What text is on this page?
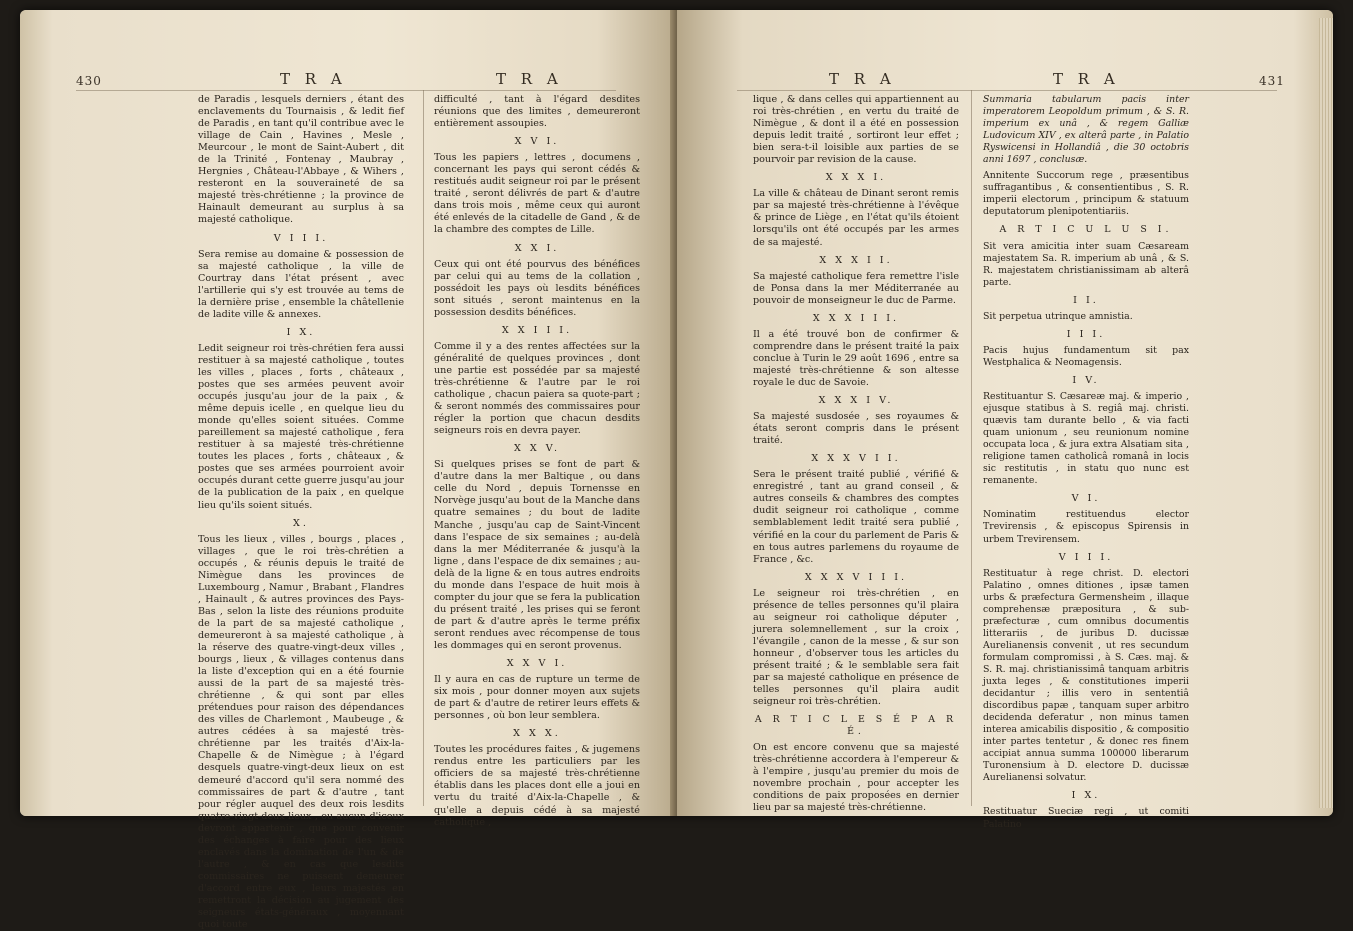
430	T R A	T R A

de Paradis , lesquels derniers , étant des enclavements du Tournaisis , & ledit fief de Paradis , en tant qu'il contribue avec le village de Cain , Havines , Mesle , Meurcour , le mont de Saint-Aubert , dit de la Trinité , Fontenay , Maubray , Hergnies , Château-l'Abbaye , & Wihers , resteront en la souveraineté de sa majesté très-chrétienne ; la province de Hainault demeurant au surplus à sa majesté catholique.

V I I I.

Sera remise au domaine & possession de sa majesté catholique , la ville de Courtray dans l'état présent , avec l'artillerie qui s'y est trouvée au tems de la dernière prise , ensemble la châtellenie de ladite ville & annexes.

I X.

Ledit seigneur roi très-chrétien fera aussi restituer à sa majesté catholique , toutes les villes , places , forts , châteaux , postes que ses armées peuvent avoir occupés jusqu'au jour de la paix , & même depuis icelle , en quelque lieu du monde qu'elles soient situées. Comme pareillement sa majesté catholique , fera restituer à sa majesté très-chrétienne toutes les places , forts , châteaux , & postes que ses armées pourroient avoir occupés durant cette guerre jusqu'au jour de la publication de la paix , en quelque lieu qu'ils soient situés.

X.

Tous les lieux , villes , bourgs , places , villages , que le roi très-chrétien a occupés , & réunis depuis le traité de Nimègue dans les provinces de Luxembourg , Namur , Brabant , Flandres , Hainault , & autres provinces des Pays-Bas , selon la liste des réunions produite de la part de sa majesté catholique , demeureront à sa majesté catholique , à la réserve des quatre-vingt-deux villes , bourgs , lieux , & villages contenus dans la liste d'exception qui en a été fournie aussi de la part de sa majesté très-chrétienne , & qui sont par elles prétendues pour raison des dépendances des villes de Charlemont , Maubeuge , & autres cédées à sa majesté très-chrétienne par les traités d'Aix-la-Chapelle & de Nimègue ; à l'égard desquels quatre-vingt-deux lieux on est demeuré d'accord qu'il sera nommé des commissaires de part & d'autre , tant pour régler auquel des deux rois lesdits quatre-vingt-deux lieux , ou aucun d'iceux devront appartenir , que pour convenir des échanges à faire pour des lieux enclavés dans la domination de l'un & de l'autre , & en cas que lesdits commissaires ne puissent demeurer d'accord entre eux , leurs majestés en remettront la décision au jugement des seigneurs états-généraux , moyennant quoi toute

difficulté , tant à l'égard desdites réunions que des limites , demeureront entièrement assoupies.

X V I.

Tous les papiers , lettres , documens , concernant les pays qui seront cédés & restitués audit seigneur roi par le présent traité , seront délivrés de part & d'autre dans trois mois , même ceux qui auront été enlevés de la citadelle de Gand , & de la chambre des comptes de Lille.

X X I.

Ceux qui ont été pourvus des bénéfices par celui qui au tems de la collation , possédoit les pays où lesdits bénéfices sont situés , seront maintenus en la possession desdits bénéfices.

X X I I I.

Comme il y a des rentes affectées sur la généralité de quelques provinces , dont une partie est possédée par sa majesté très-chrétienne & l'autre par le roi catholique , chacun paiera sa quote-part ; & seront nommés des commissaires pour régler la portion que chacun desdits seigneurs rois en devra payer.

X X V.

Si quelques prises se font de part & d'autre dans la mer Baltique , ou dans celle du Nord , depuis Tornensse en Norvège jusqu'au bout de la Manche dans quatre semaines ; du bout de ladite Manche , jusqu'au cap de Saint-Vincent dans l'espace de six semaines ; au-delà dans la mer Méditerranée & jusqu'à la ligne , dans l'espace de dix semaines ; au-delà de la ligne & en tous autres endroits du monde dans l'espace de huit mois à compter du jour que se fera la publication du présent traité , les prises qui se feront de part & d'autre après le terme préfix seront rendues avec récompense de tous les dommages qui en seront provenus.

X X V I.

Il y aura en cas de rupture un terme de six mois , pour donner moyen aux sujets de part & d'autre de retirer leurs effets & personnes , où bon leur semblera.

X X X.

Toutes les procédures faites , & jugemens rendus entre les particuliers par les officiers de sa majesté très-chrétienne établis dans les places dont elle a joui en vertu du traité d'Aix-la-Chapelle , & qu'elle a depuis cédé à sa majesté catholique ,

T R A	T R A	431

lique , & dans celles qui appartiennent au roi très-chrétien , en vertu du traité de Nimègue , & dont il a été en possession depuis ledit traité , sortiront leur effet ; bien sera-t-il loisible aux parties de se pourvoir par revision de la cause.

X X X I.

La ville & château de Dinant seront remis par sa majesté très-chrétienne à l'évêque & prince de Liège , en l'état qu'ils étoient lorsqu'ils ont été occupés par les armes de sa majesté.

X X X I I.

Sa majesté catholique fera remettre l'isle de Ponsa dans la mer Méditerranée au pouvoir de monseigneur le duc de Parme.

X X X I I I.

Il a été trouvé bon de confirmer & comprendre dans le présent traité la paix conclue à Turin le 29 août 1696 , entre sa majesté très-chrétienne & son altesse royale le duc de Savoie.

X X X I V.

Sa majesté susdosée , ses royaumes & états seront compris dans le présent traité.

X X X V I I.

Sera le présent traité publié , vérifié & enregistré , tant au grand conseil , & autres conseils & chambres des comptes dudit seigneur roi catholique , comme semblablement ledit traité sera publié , vérifié en la cour du parlement de Paris & en tous autres parlemens du royaume de France , &c.

X X X V I I I.

Le seigneur roi très-chrétien , en présence de telles personnes qu'il plaira au seigneur roi catholique députer , jurera solemnellement , sur la croix , l'évangile , canon de la messe , & sur son honneur , d'observer tous les articles du présent traité ; & le semblable sera fait par sa majesté catholique en présence de telles personnes qu'il plaira audit seigneur roi très-chrétien.

A R T I C L E S É P A R É.

On est encore convenu que sa majesté très-chrétienne accordera à l'empereur & à l'empire , jusqu'au premier du mois de novembre prochain , pour accepter les conditions de paix proposées en dernier lieu par sa majesté très-chrétienne.

Summaria tabularum pacis inter imperatorem Leopoldum primum , & S. R. imperium ex unâ , & regem Galliæ Ludovicum XIV , ex alterâ parte , in Palatio Ryswicensi in Hollandiâ , die 30 octobris anni 1697 , conclusæ.

Annitente Succorum rege , præsentibus suffragantibus , & consentientibus , S. R. imperii electorum , principum & statuum deputatorum plenipotentiariis.

A R T I C U L U S I.

Sit vera amicitia inter suam Cæsaream majestatem Sa. R. imperium ab unâ , & S. R. majestatem christianissimam ab alterâ parte.

I I.

Sit perpetua utrinque amnistia.

I I I.

Pacis hujus fundamentum sit pax Westphalica & Neomagensis.

I V.

Restituantur S. Cæsareæ maj. & imperio , ejusque statibus à S. regiâ maj. christi. quævis tam durante bello , & via facti quam unionum , seu reunionum nomine occupata loca , & jura extra Alsatiam sita , religione tamen catholicâ romanâ in locis sic restitutis , in statu quo nunc est remanente.

V I.

Nominatim restituendus elector Trevirensis , & episcopus Spirensis in urbem Trevirensem.

V I I I.

Restituatur à rege christ. D. electori Palatino , omnes ditiones , ipsæ tamen urbs & præfectura Germensheim , illaque comprehensæ præpositura , & sub-præfecturæ , cum omnibus documentis litterariis , de juribus D. ducissæ Aurelianensis convenit , ut res secundum formulam compromissi , à S. Cæs. maj. & S. R. maj. christianissimâ tanquam arbitris juxta leges , & constitutiones imperii decidantur ; illis vero in sententiâ discordibus papæ , tanquam super arbitro decidenda deferatur , non minus tamen interea amicabilis dispositio , & compositio inter partes tentetur , & donec res finem accipiat annua summa 100000 liberarum Turonensium à D. electore D. ducissæ Aurelianensi solvatur.

I X.

Restituatur Sueciæ regi , ut comiti Palatino
